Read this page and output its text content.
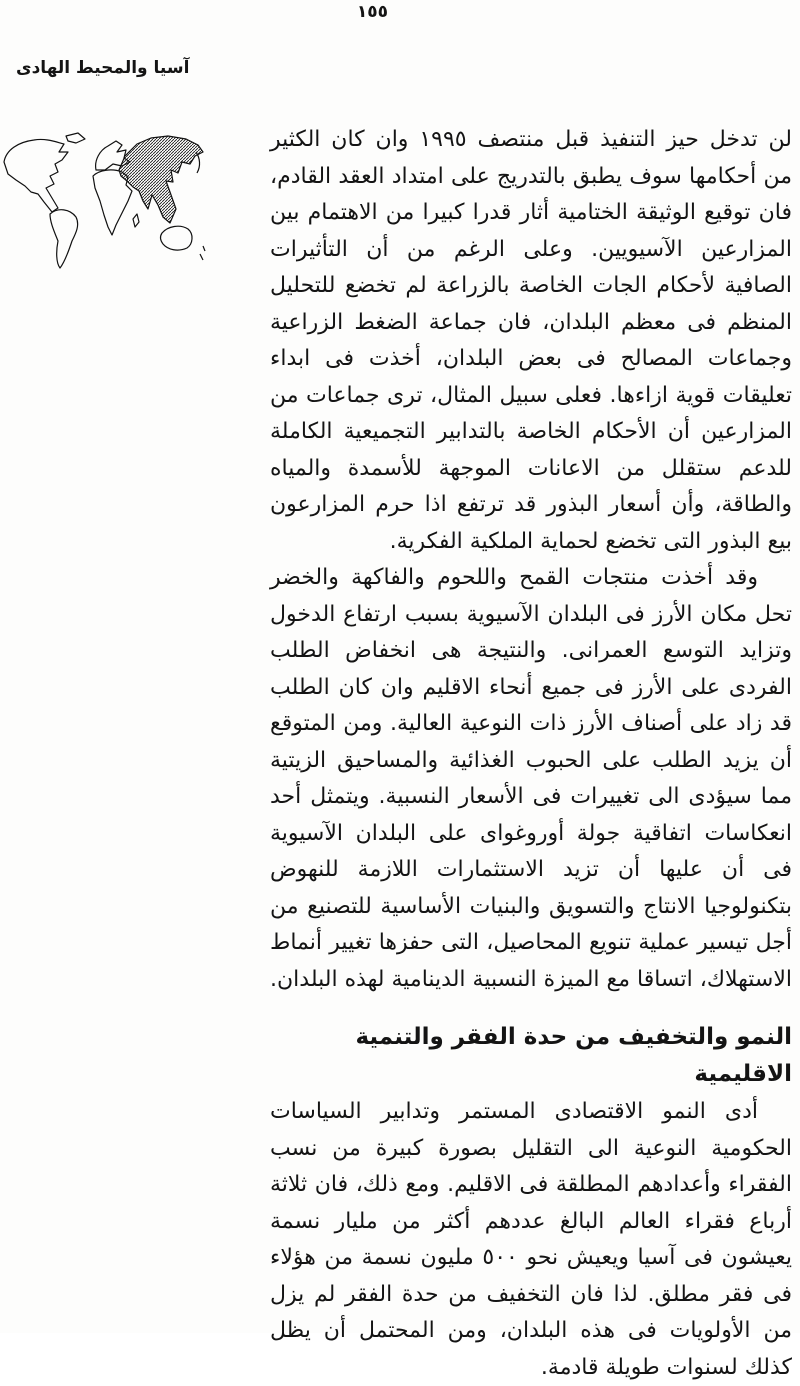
١٥٥
آسيا والمحيط الهادى

لن تدخل حيز التنفيذ قبل منتصف ١٩٩٥ وان كان الكثير من أحكامها سوف يطبق بالتدريج على امتداد العقد القادم، فان توقيع الوثيقة الختامية أثار قدرا كبيرا من الاهتمام بين المزارعين الآسيويين. وعلى الرغم من أن التأثيرات الصافية لأحكام الجات الخاصة بالزراعة لم تخضع للتحليل المنظم فى معظم البلدان، فان جماعة الضغط الزراعية وجماعات المصالح فى بعض البلدان، أخذت فى ابداء تعليقات قوية ازاءها. فعلى سبيل المثال، ترى جماعات من المزارعين أن الأحكام الخاصة بالتدابير التجميعية الكاملة للدعم ستقلل من الاعانات الموجهة للأسمدة والمياه والطاقة، وأن أسعار البذور قد ترتفع اذا حرم المزارعون بيع البذور التى تخضع لحماية الملكية الفكرية.

وقد أخذت منتجات القمح واللحوم والفاكهة والخضر تحل مكان الأرز فى البلدان الآسيوية بسبب ارتفاع الدخول وتزايد التوسع العمرانى. والنتيجة هى انخفاض الطلب الفردى على الأرز فى جميع أنحاء الاقليم وان كان الطلب قد زاد على أصناف الأرز ذات النوعية العالية. ومن المتوقع أن يزيد الطلب على الحبوب الغذائية والمساحيق الزيتية مما سيؤدى الى تغييرات فى الأسعار النسبية. ويتمثل أحد انعكاسات اتفاقية جولة أوروغواى على البلدان الآسيوية فى أن عليها أن تزيد الاستثمارات اللازمة للنهوض بتكنولوجيا الانتاج والتسويق والبنيات الأساسية للتصنيع من أجل تيسير عملية تنويع المحاصيل، التى حفزها تغيير أنماط الاستهلاك، اتساقا مع الميزة النسبية الدينامية لهذه البلدان.

النمو والتخفيف من حدة الفقر والتنمية الاقليمية

أدى النمو الاقتصادى المستمر وتدابير السياسات الحكومية النوعية الى التقليل بصورة كبيرة من نسب الفقراء وأعدادهم المطلقة فى الاقليم. ومع ذلك، فان ثلاثة أرباع فقراء العالم البالغ عددهم أكثر من مليار نسمة يعيشون فى آسيا ويعيش نحو ٥٠٠ مليون نسمة من هؤلاء فى فقر مطلق. لذا فان التخفيف من حدة الفقر لم يزل من الأولويات فى هذه البلدان، ومن المحتمل أن يظل كذلك لسنوات طويلة قادمة.
